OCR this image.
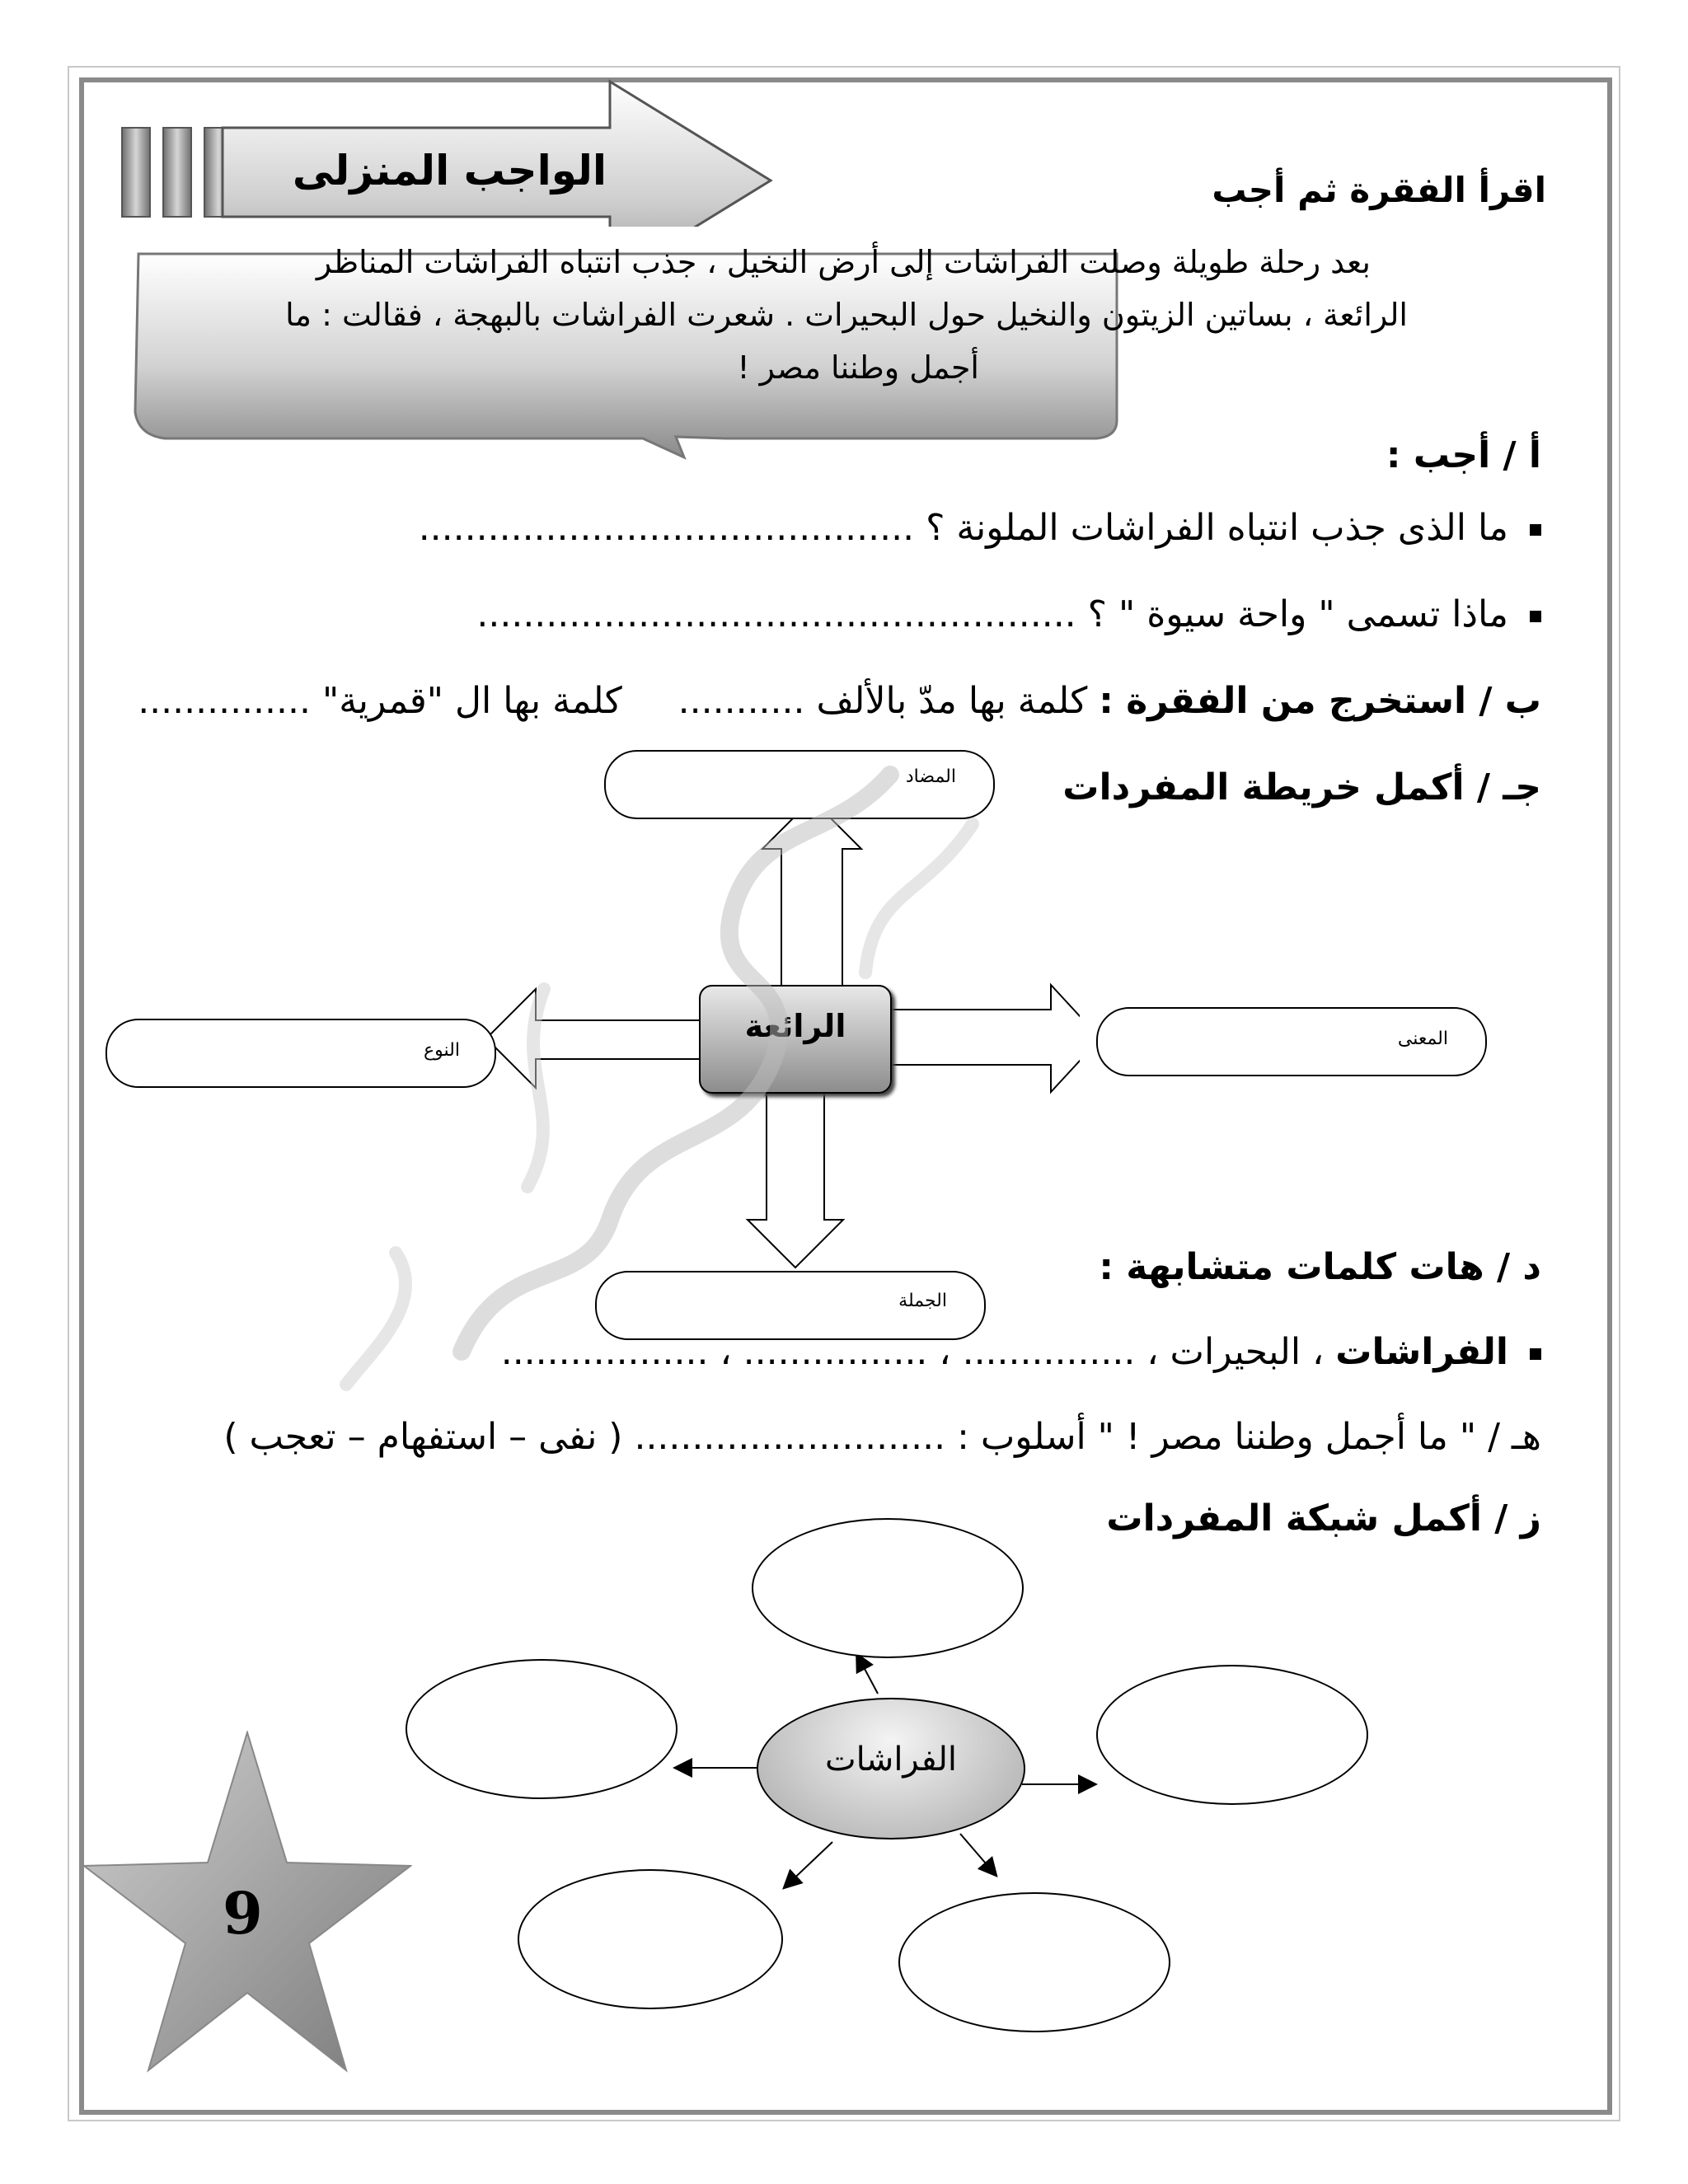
الواجب المنزلى	اقرأ الفقرة ثم أجب
بعد رحلة طويلة وصلت الفراشات إلى أرض النخيل ، جذب انتباه الفراشات المناظر
الرائعة ، بساتين الزيتون والنخيل حول البحيرات . شعرت الفراشات بالبهجة ، فقالت : ما
أجمل وطننا مصر !
أ / أجب :
ما الذى جذب انتباه الفراشات الملونة ؟ ...........................................
ماذا تسمى " واحة سيوة " ؟ ....................................................
ب / استخرج من الفقرة : كلمة بها مدّ بالألف ...........  كلمة بها ال "قمرية" ...............
جـ / أكمل خريطة المفردات
الرائعة
المضاد
المعنى
النوع
الجملة
د / هات كلمات متشابهة :
الفراشات ، البحيرات ، ............... ، ................ ، ..................
هـ / " ما أجمل وطننا مصر ! " أسلوب : ........................... ( نفى – استفهام – تعجب )
ز / أكمل شبكة المفردات
الفراشات
9
